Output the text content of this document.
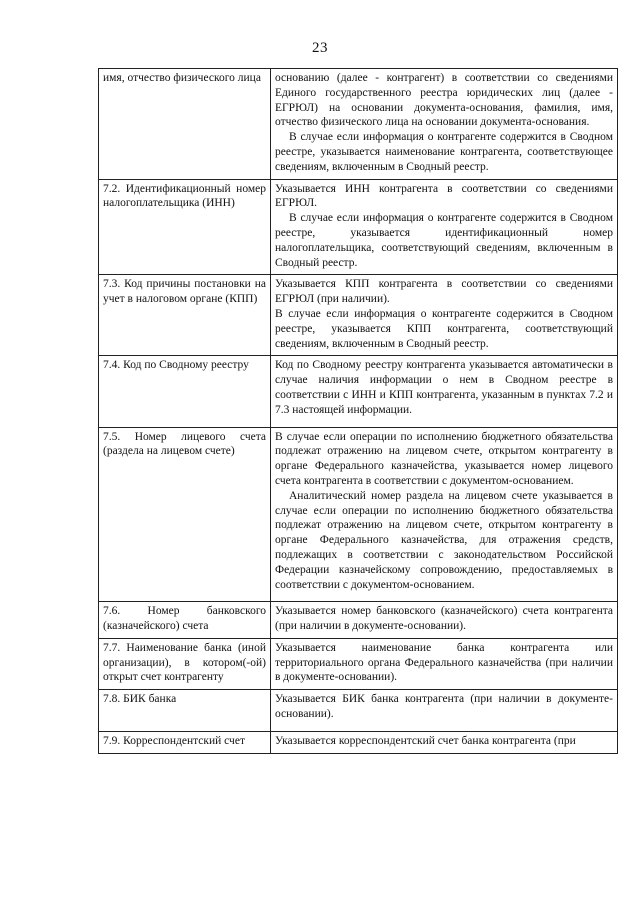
23
имя, отчество физического лица	основанию (далее - контрагент) в соответствии со сведениями Единого государственного реестра юридических лиц (далее - ЕГРЮЛ) на основании документа-основания, фамилия, имя, отчество физического лица на основании документа-основания.

В случае если информация о контрагенте содержится в Сводном реестре, указывается наименование контрагента, соответствующее сведениям, включенным в Сводный реестр.

7.2. Идентификационный номер налогоплательщика (ИНН)	Указывается ИНН контрагента в соответствии со сведениями ЕГРЮЛ.

В случае если информация о контрагенте содержится в Сводном реестре, указывается идентификационный номер налогоплательщика, соответствующий сведениям, включенным в Сводный реестр.

7.3. Код причины постановки на учет в налоговом органе (КПП)	Указывается КПП контрагента в соответствии со сведениями ЕГРЮЛ (при наличии).

В случае если информация о контрагенте содержится в Сводном реестре, указывается КПП контрагента, соответствующий сведениям, включенным в Сводный реестр.

7.4. Код по Сводному реестру	Код по Сводному реестру контрагента указывается автоматически в случае наличия информации о нем в Сводном реестре в соответствии с ИНН и КПП контрагента, указанным в пунктах 7.2 и 7.3 настоящей информации.

7.5. Номер лицевого счета (раздела на лицевом счете)	В случае если операции по исполнению бюджетного обязательства подлежат отражению на лицевом счете, открытом контрагенту в органе Федерального казначейства, указывается номер лицевого счета контрагента в соответствии с документом-основанием.

Аналитический номер раздела на лицевом счете указывается в случае если операции по исполнению бюджетного обязательства подлежат отражению на лицевом счете, открытом контрагенту в органе Федерального казначейства, для отражения средств, подлежащих в соответствии с законодательством Российской Федерации казначейскому сопровождению, предоставляемых в соответствии с документом-основанием.

7.6. Номер банковского (казначейского) счета	Указывается номер банковского (казначейского) счета контрагента (при наличии в документе-основании).

7.7. Наименование банка (иной организации), в котором(-ой) открыт счет контрагенту	Указывается наименование банка контрагента или территориального органа Федерального казначейства (при наличии в документе-основании).

7.8. БИК банка	Указывается БИК банка контрагента (при наличии в документе-основании).

7.9. Корреспондентский счет	Указывается корреспондентский счет банка контрагента (при
